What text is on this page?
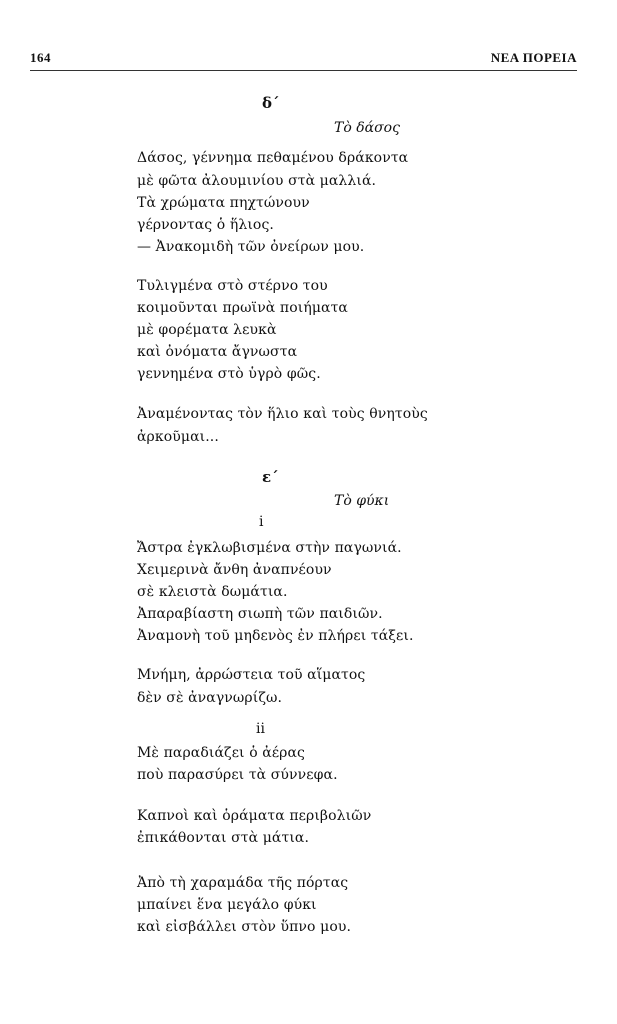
164	ΝΕΑ ΠΟΡΕΙΑ
δ΄
Τὸ δάσος
Δάσος, γέννημα πεθαμένου δράκοντα
μὲ φῶτα ἀλουμινίου στὰ μαλλιά.
Τὰ χρώματα πηχτώνουν
γέρνοντας ὁ ἥλιος.
— Ἀνακομιδὴ τῶν ὀνείρων μου.
Τυλιγμένα στὸ στέρνο του
κοιμοῦνται πρωϊνὰ ποιήματα
μὲ φορέματα λευκὰ
καὶ ὀνόματα ἄγνωστα
γεννημένα στὸ ὑγρὸ φῶς.
Ἀναμένοντας τὸν ἥλιο καὶ τοὺς θνητοὺς
ἀρκοῦμαι...
ε΄
Τὸ φύκι
i
Ἄστρα ἐγκλωβισμένα στὴν παγωνιά.
Χειμερινὰ ἄνθη ἀναπνέουν
σὲ κλειστὰ δωμάτια.
Ἀπαραβίαστη σιωπὴ τῶν παιδιῶν.
Ἀναμονὴ τοῦ μηδενὸς ἐν πλήρει τάξει.
Μνήμη, ἀρρώστεια τοῦ αἵματος
δὲν σὲ ἀναγνωρίζω.
ii
Μὲ παραδιάζει ὁ ἀέρας
ποὺ παρασύρει τὰ σύννεφα.
Καπνοὶ καὶ ὁράματα περιβολιῶν
ἐπικάθονται στὰ μάτια.
Ἀπὸ τὴ χαραμάδα τῆς πόρτας
μπαίνει ἕνα μεγάλο φύκι
καὶ εἰσβάλλει στὸν ὕπνο μου.
